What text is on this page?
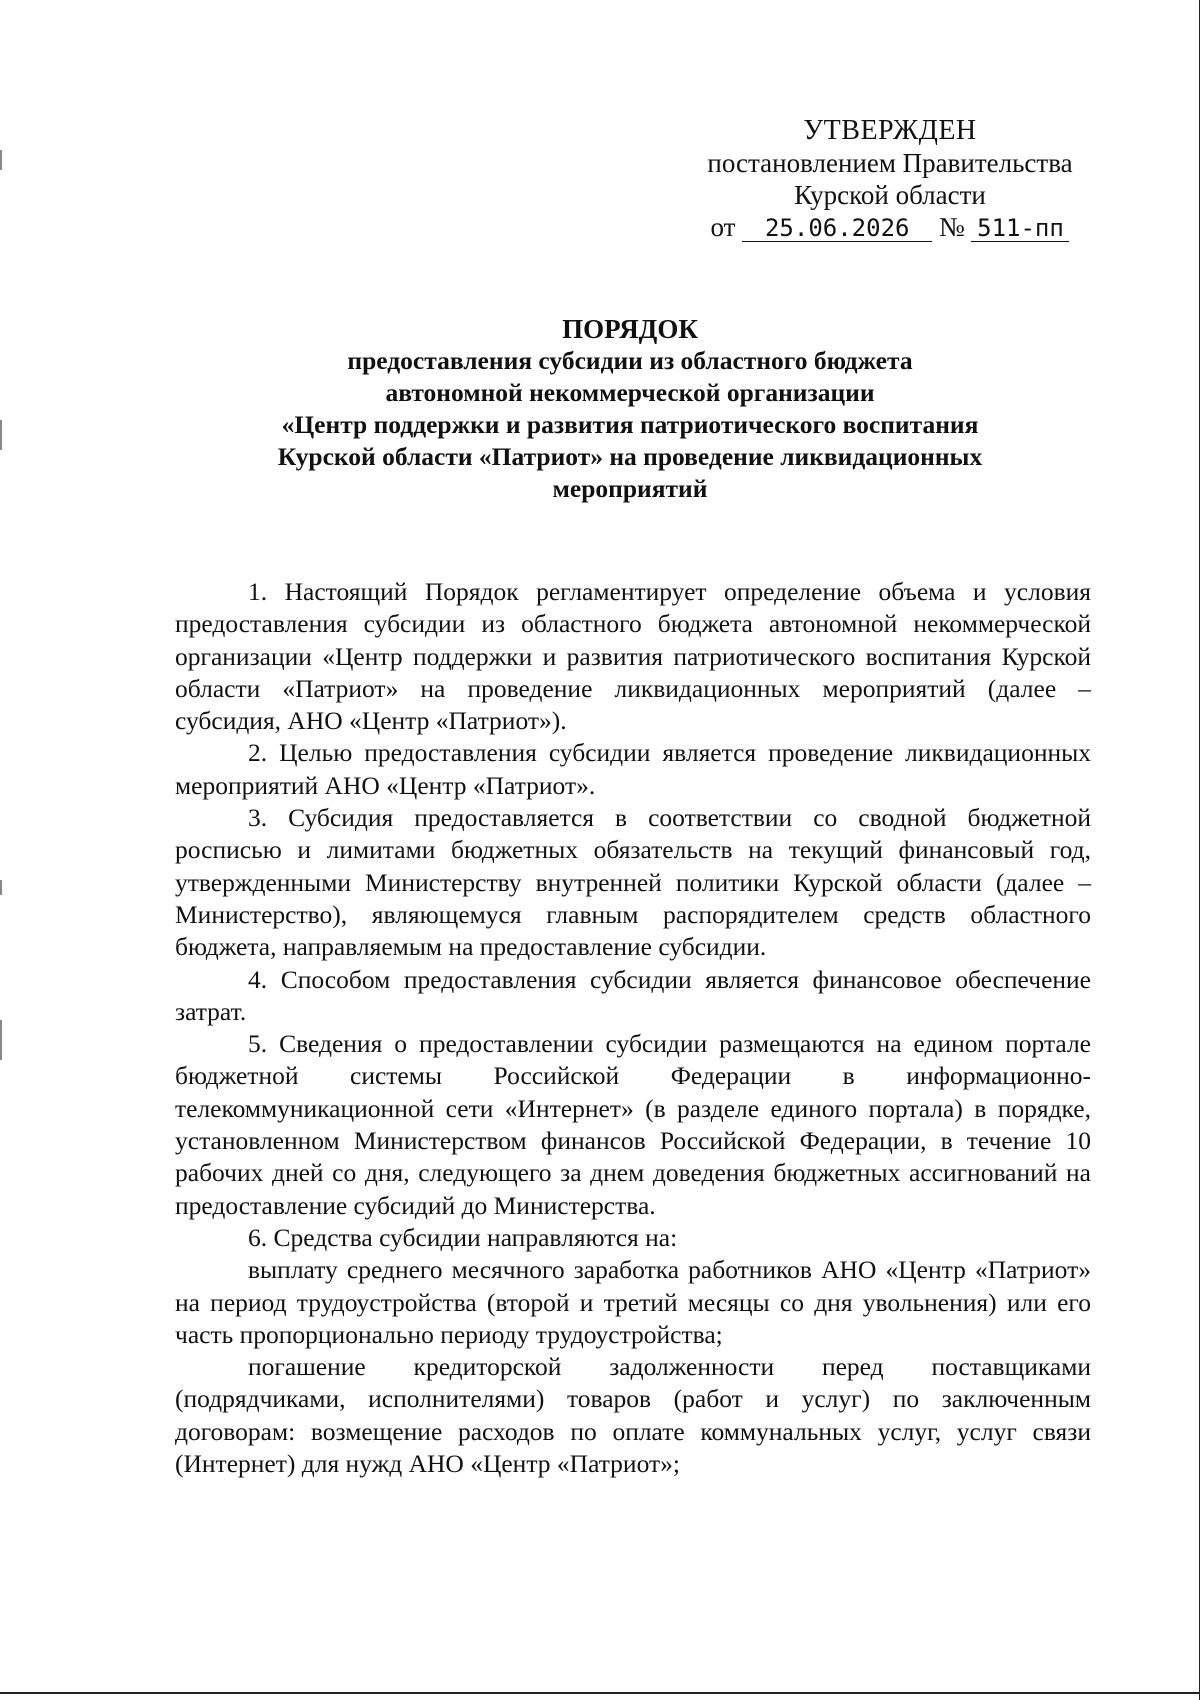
УТВЕРЖДЕН
постановлением Правительства
Курской области
от 25.06.2026 № 511-пп
ПОРЯДОК
предоставления субсидии из областного бюджета
автономной некоммерческой организации
«Центр поддержки и развития патриотического воспитания
Курской области «Патриот» на проведение ликвидационных
мероприятий

1. Настоящий Порядок регламентирует определение объема и условия предоставления субсидии из областного бюджета автономной некоммерческой организации «Центр поддержки и развития патриотического воспитания Курской области «Патриот» на проведение ликвидационных мероприятий (далее – субсидия, АНО «Центр «Патриот»).

2. Целью предоставления субсидии является проведение ликвидационных мероприятий АНО «Центр «Патриот».

3. Субсидия предоставляется в соответствии со сводной бюджетной росписью и лимитами бюджетных обязательств на текущий финансовый год, утвержденными Министерству внутренней политики Курской области (далее – Министерство), являющемуся главным распорядителем средств областного бюджета, направляемым на предоставление субсидии.

4. Способом предоставления субсидии является финансовое обеспечение затрат.

5. Сведения о предоставлении субсидии размещаются на едином портале бюджетной системы Российской Федерации в информационно-телекоммуникационной сети «Интернет» (в разделе единого портала) в порядке, установленном Министерством финансов Российской Федерации, в течение 10 рабочих дней со дня, следующего за днем доведения бюджетных ассигнований на предоставление субсидий до Министерства.

6. Средства субсидии направляются на:

выплату среднего месячного заработка работников АНО «Центр «Патриот» на период трудоустройства (второй и третий месяцы со дня увольнения) или его часть пропорционально периоду трудоустройства;

погашение кредиторской задолженности перед поставщиками (подрядчиками, исполнителями) товаров (работ и услуг) по заключенным договорам: возмещение расходов по оплате коммунальных услуг, услуг связи (Интернет) для нужд АНО «Центр «Патриот»;
